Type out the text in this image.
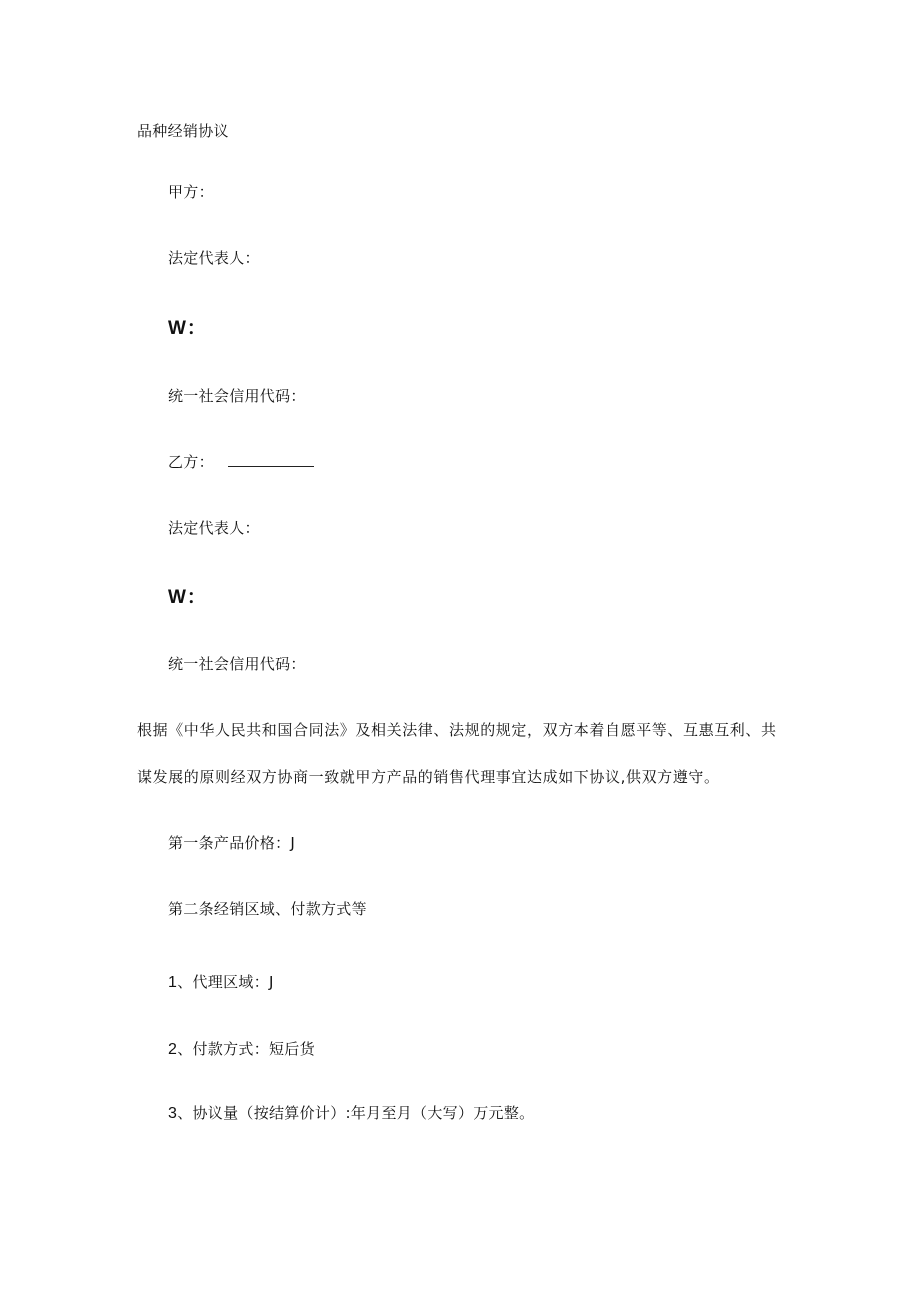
品种经销协议
甲方：
法定代表人：
W：
统一社会信用代码：
乙方：
法定代表人：
W：
统一社会信用代码：
根据《中华人民共和国合同法》及相关法律、法规的规定，双方本着自愿平等、互惠互利、共
谋发展的原则经双方协商一致就甲方产品的销售代理事宜达成如下协议,供双方遵守。
第一条产品价格：J
第二条经销区域、付款方式等
1、代理区域：J
2、付款方式：短后货
3、协议量（按结算价计）:年月至月（大写）万元整。
